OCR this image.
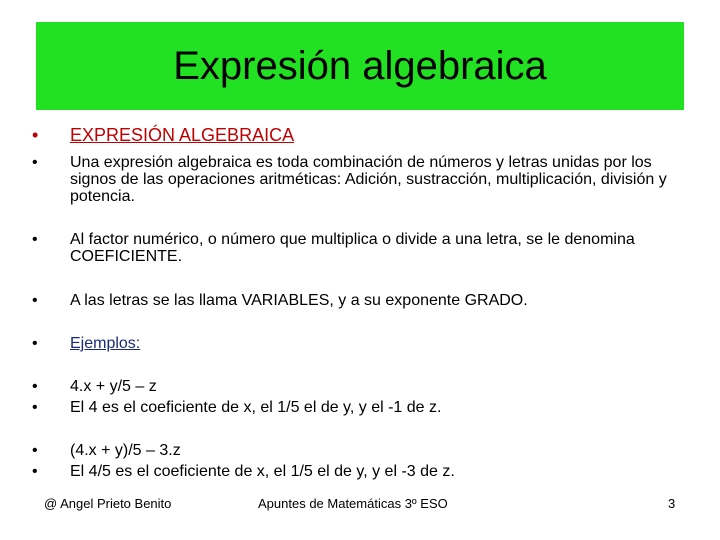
Expresión algebraica
•	EXPRESIÓN ALGEBRAICA
•	Una expresión algebraica es toda combinación de números y letras unidas por los signos de las operaciones aritméticas: Adición, sustracción, multiplicación, división y potencia.
•	Al factor numérico, o número que multiplica o divide a una letra, se le denomina COEFICIENTE.
•	A las letras se las llama VARIABLES, y a su exponente GRADO.
•	Ejemplos:
•	4.x + y/5 – z
•	El 4 es el coeficiente de x, el 1/5 el de y, y el -1 de z.
•	(4.x + y)/5 – 3.z
•	El 4/5 es el coeficiente de x, el 1/5 el de y, y el -3 de z.
@ Angel Prieto Benito	Apuntes de Matemáticas 3º ESO	3
